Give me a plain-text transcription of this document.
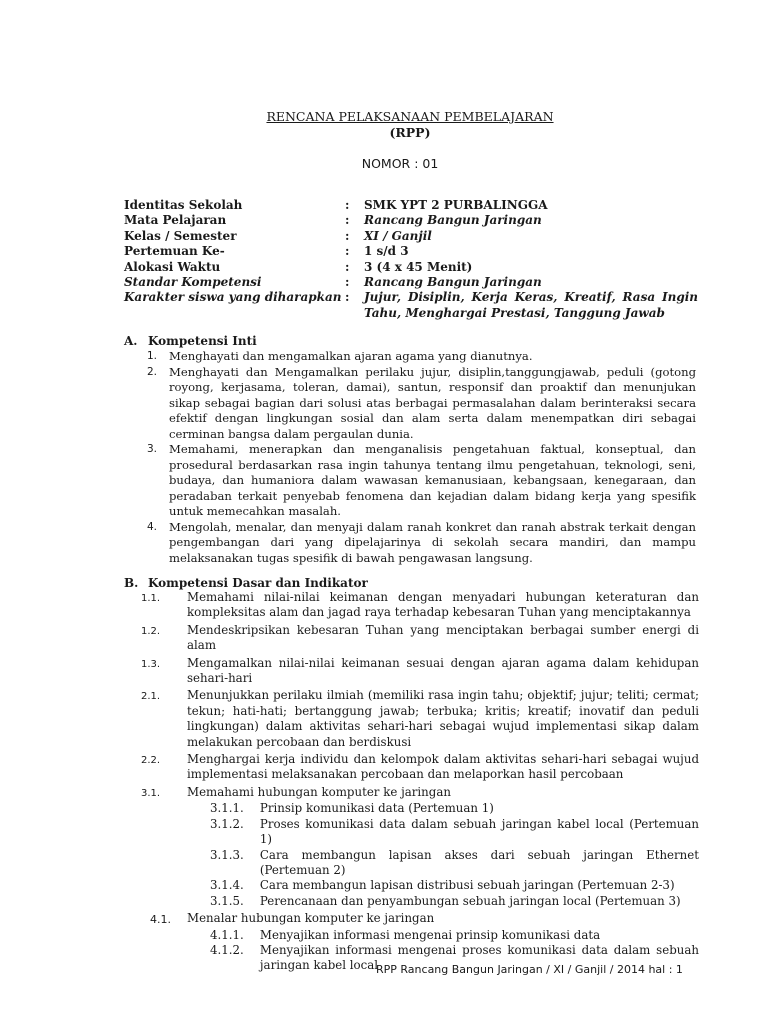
RENCANA PELAKSANAAN PEMBELAJARAN
(RPP)
NOMOR : 01
Identitas Sekolah	:	SMK YPT 2 PURBALINGGA
Mata Pelajaran	:	Rancang Bangun Jaringan
Kelas / Semester	:	XI / Ganjil
Pertemuan Ke-	:	1 s/d 3
Alokasi Waktu	:	3 (4 x 45 Menit)
Standar Kompetensi	:	Rancang Bangun Jaringan
Karakter siswa yang diharapkan :	Jujur, Disiplin, Kerja Keras, Kreatif, Rasa Ingin Tahu, Menghargai Prestasi, Tanggung Jawab
A. Kompetensi Inti
1.	Menghayati dan mengamalkan ajaran agama yang dianutnya.
2.	Menghayati dan Mengamalkan perilaku jujur, disiplin,tanggungjawab, peduli (gotong royong, kerjasama, toleran, damai), santun, responsif dan proaktif dan menunjukan sikap sebagai bagian dari solusi atas berbagai permasalahan dalam berinteraksi secara efektif dengan lingkungan sosial dan alam serta dalam menempatkan diri sebagai cerminan bangsa dalam pergaulan dunia.
3.	Memahami, menerapkan dan menganalisis pengetahuan faktual, konseptual, dan prosedural berdasarkan rasa ingin tahunya tentang ilmu pengetahuan, teknologi, seni, budaya, dan humaniora dalam wawasan kemanusiaan, kebangsaan, kenegaraan, dan peradaban terkait penyebab fenomena dan kejadian dalam bidang kerja yang spesifik untuk memecahkan masalah.
4.	Mengolah, menalar, dan menyaji dalam ranah konkret dan ranah abstrak terkait dengan pengembangan dari yang dipelajarinya di sekolah secara mandiri, dan mampu melaksanakan tugas spesifik di bawah pengawasan langsung.
B. Kompetensi Dasar dan Indikator
1.1.	Memahami nilai-nilai keimanan dengan menyadari hubungan keteraturan dan kompleksitas alam dan jagad raya terhadap kebesaran Tuhan yang menciptakannya
1.2.	Mendeskripsikan kebesaran Tuhan yang menciptakan berbagai sumber energi di alam
1.3.	Mengamalkan nilai-nilai keimanan sesuai dengan ajaran agama dalam kehidupan sehari-hari
2.1.	Menunjukkan perilaku ilmiah (memiliki rasa ingin tahu; objektif; jujur; teliti; cermat; tekun; hati-hati; bertanggung jawab; terbuka; kritis; kreatif; inovatif dan peduli lingkungan) dalam aktivitas sehari-hari sebagai wujud implementasi sikap dalam melakukan percobaan dan berdiskusi
2.2.	Menghargai kerja individu dan kelompok dalam aktivitas sehari-hari sebagai wujud implementasi melaksanakan percobaan dan melaporkan hasil percobaan
3.1.	Memahami hubungan komputer ke jaringan
3.1.1.	Prinsip komunikasi data (Pertemuan 1)
3.1.2.	Proses komunikasi data dalam sebuah jaringan kabel local (Pertemuan 1)
3.1.3.	Cara membangun lapisan akses dari sebuah jaringan Ethernet (Pertemuan 2)
3.1.4.	Cara membangun lapisan distribusi sebuah jaringan (Pertemuan 2-3)
3.1.5.	Perencanaan dan penyambungan sebuah jaringan local (Pertemuan 3)
4.1.	Menalar hubungan komputer ke jaringan
4.1.1.	Menyajikan informasi mengenai prinsip komunikasi data
4.1.2.	Menyajikan informasi mengenai proses komunikasi data dalam sebuah jaringan kabel local
RPP Rancang Bangun Jaringan / XI / Ganjil / 2014 hal : 1
